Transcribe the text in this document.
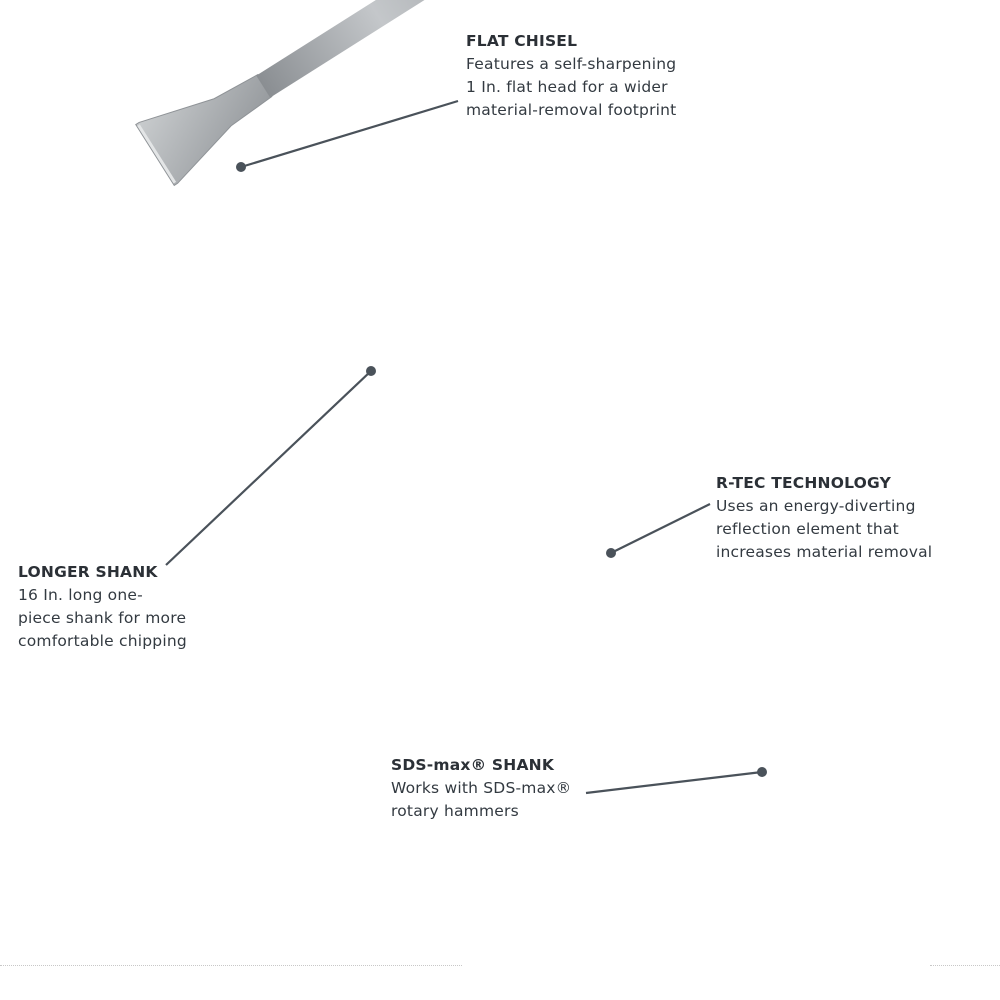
FLAT CHISEL
Features a self-sharpening
1 In. flat head for a wider
material-removal footprint
R-TEC TECHNOLOGY
Uses an energy-diverting
reflection element that
increases material removal
LONGER SHANK
16 In. long one-
piece shank for more
comfortable chipping
SDS-max® SHANK
Works with SDS-max®
rotary hammers
